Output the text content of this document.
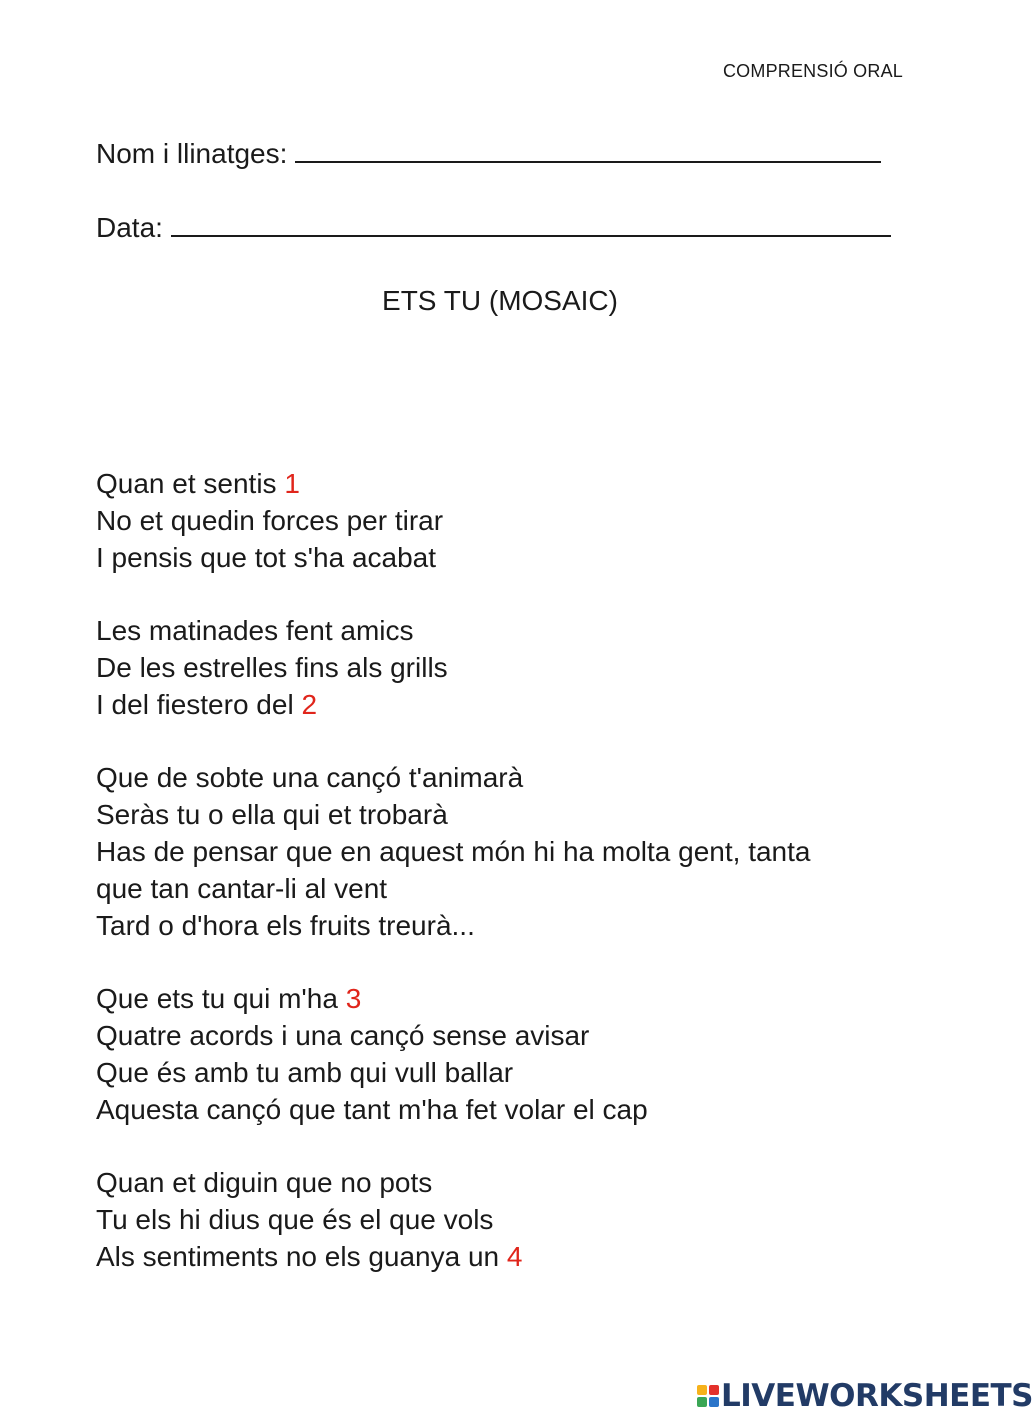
COMPRENSIÓ ORAL
Nom i llinatges:
Data:
ETS TU (MOSAIC)
Quan et sentis 1
No et quedin forces per tirar
I pensis que tot s'ha acabat
Les matinades fent amics
De les estrelles fins als grills
I del fiestero del 2
Que de sobte una cançó t'animarà
Seràs tu o ella qui et trobarà
Has de pensar que en aquest món hi ha molta gent, tanta
que tan cantar-li al vent
Tard o d'hora els fruits treurà...
Que ets tu qui m'ha 3
Quatre acords i una cançó sense avisar
Que és amb tu amb qui vull ballar
Aquesta cançó que tant m'ha fet volar el cap
Quan et diguin que no pots
Tu els hi dius que és el que vols
Als sentiments no els guanya un 4
LIVEWORKSHEETS
